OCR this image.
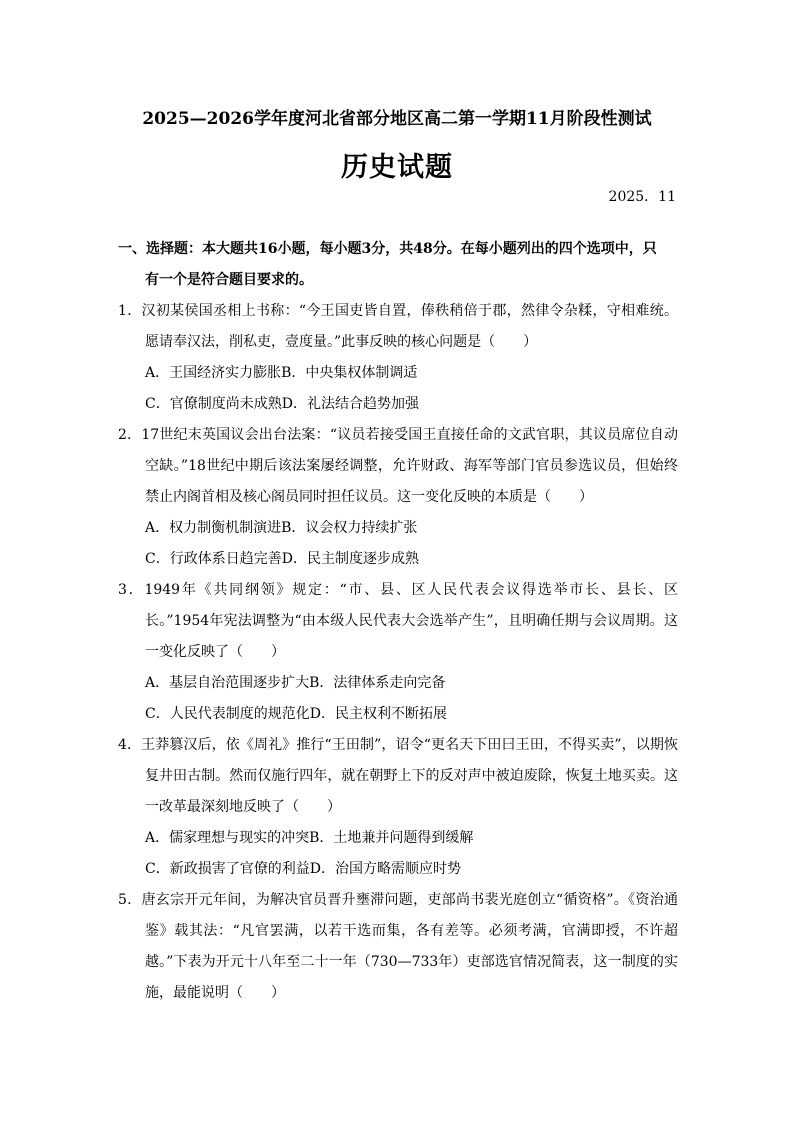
2025—2026学年度河北省部分地区高二第一学期11月阶段性测试
历史试题
2025．11
一、选择题：本大题共16小题，每小题3分，共48分。在每小题列出的四个选项中，只
有一个是符合题目要求的。
1．汉初某侯国丞相上书称：“今王国吏皆自置，俸秩稍倍于郡，然律令杂糅，守相难统。愿请奉汉法，削私吏，壹度量。”此事反映的核心问题是（　　）
A．王国经济实力膨胀B．中央集权体制调适
C．官僚制度尚未成熟D．礼法结合趋势加强
2．17世纪末英国议会出台法案：“议员若接受国王直接任命的文武官职，其议员席位自动空缺。”18世纪中期后该法案屡经调整，允许财政、海军等部门官员参选议员，但始终禁止内阁首相及核心阁员同时担任议员。这一变化反映的本质是（　　）
A．权力制衡机制演进B．议会权力持续扩张
C．行政体系日趋完善D．民主制度逐步成熟
3．1949年《共同纲领》规定：“市、县、区人民代表会议得选举市长、县长、区长。”1954年宪法调整为“由本级人民代表大会选举产生”，且明确任期与会议周期。这一变化反映了（　　）
A．基层自治范围逐步扩大B．法律体系走向完备
C．人民代表制度的规范化D．民主权利不断拓展
4．王莽篡汉后，依《周礼》推行“王田制”，诏令“更名天下田曰王田，不得买卖”，以期恢复井田古制。然而仅施行四年，就在朝野上下的反对声中被迫废除，恢复土地买卖。这一改革最深刻地反映了（　　）
A．儒家理想与现实的冲突B．土地兼并问题得到缓解
C．新政损害了官僚的利益D．治国方略需顺应时势
5．唐玄宗开元年间，为解决官员晋升壅滞问题，吏部尚书裴光庭创立“循资格”。《资治通鉴》载其法：“凡官罢满，以若干选而集，各有差等。必须考满，官满即授，不许超越。”下表为开元十八年至二十一年（730—733年）吏部选官情况简表，这一制度的实施，最能说明（　　）
